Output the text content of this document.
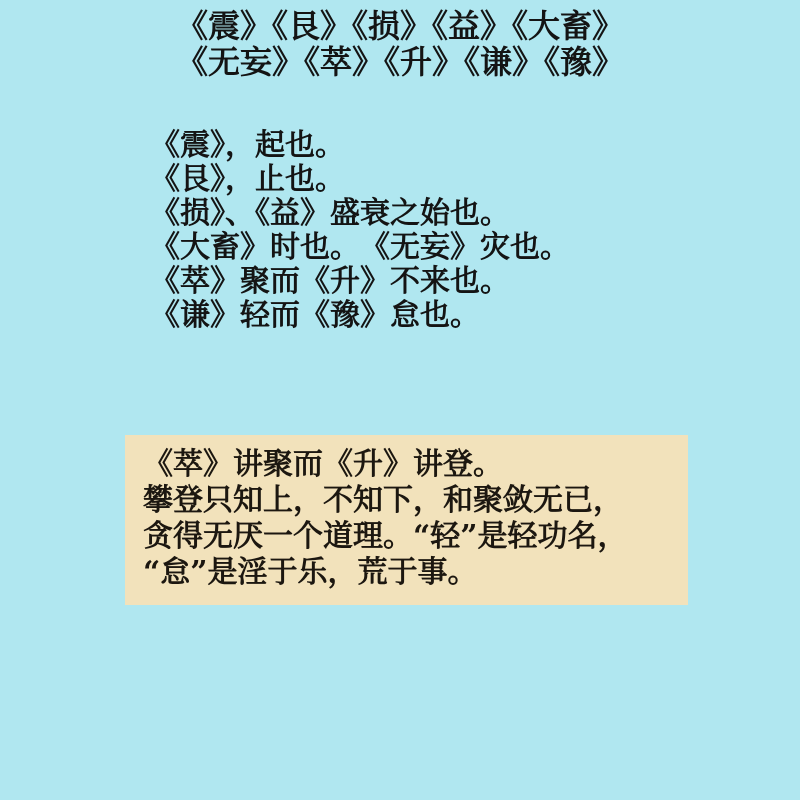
《震》《艮》《损》《益》《大畜》
《无妄》《萃》《升》《谦》《豫》
《震》，起也。
《艮》，止也。
《损》、《益》盛衰之始也。
《大畜》时也。　《无妄》灾也。
《萃》聚而《升》不来也。
《谦》轻而《豫》怠也。
《萃》讲聚而《升》讲登。
攀登只知上，不知下，和聚敛无已，
贪得无厌一个道理。“轻”是轻功名，
“怠”是淫于乐，荒于事。
